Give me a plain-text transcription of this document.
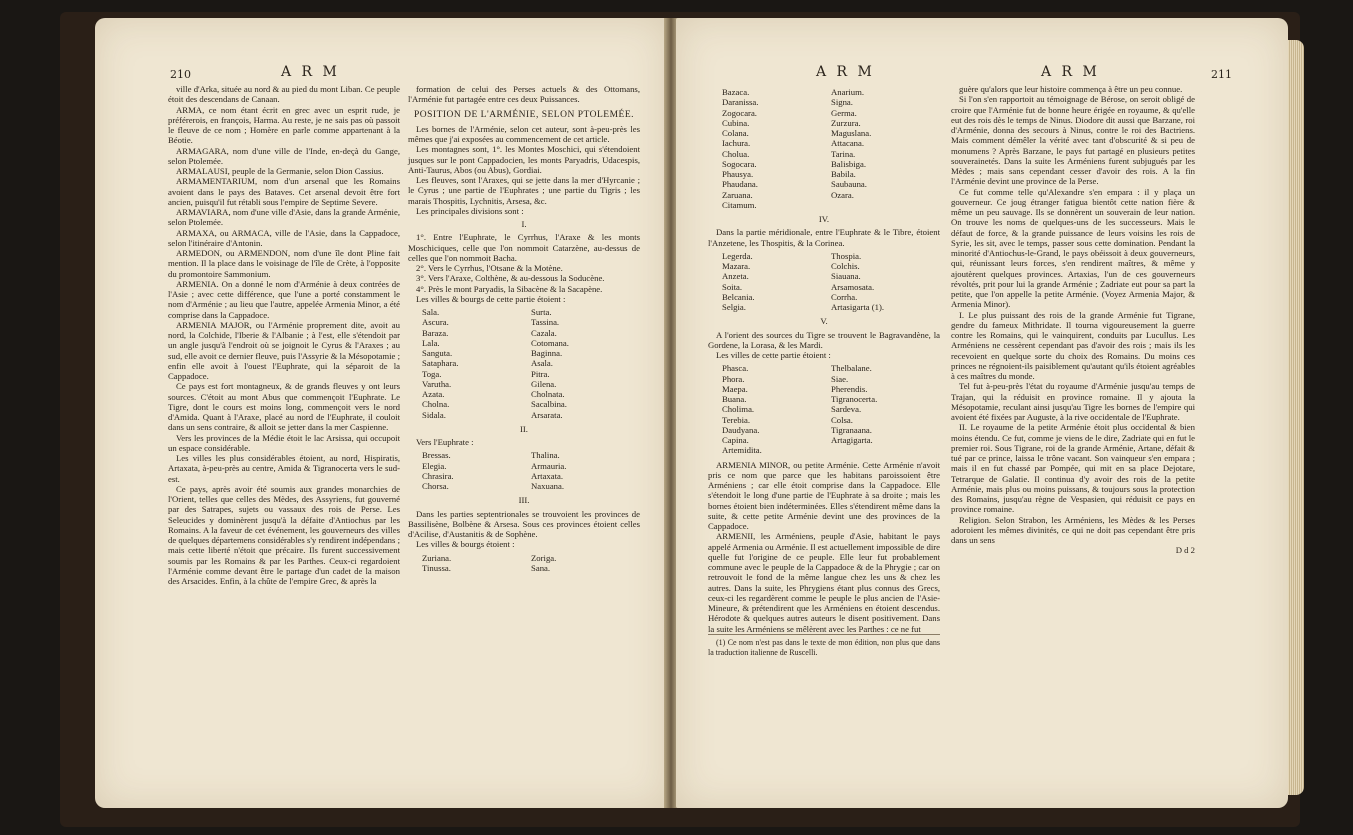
210	A R M

ville d'Arka, située au nord & au pied du mont Liban. Ce peuple étoit des descendans de Canaan.

ARMA, ce nom étant écrit en grec avec un esprit rude, je préférerois, en françois, Harma. Au reste, je ne sais pas où passoit le fleuve de ce nom ; Homère en parle comme appartenant à la Béotie.

ARMAGARA, nom d'une ville de l'Inde, en-deçà du Gange, selon Ptolemée.

ARMALAUSI, peuple de la Germanie, selon Dion Cassius.

ARMAMENTARIUM, nom d'un arsenal que les Romains avoient dans le pays des Bataves. Cet arsenal devoit être fort ancien, puisqu'il fut rétabli sous l'empire de Septime Severe.

ARMAVIARA, nom d'une ville d'Asie, dans la grande Arménie, selon Ptolemée.

ARMAXA, ou ARMACA, ville de l'Asie, dans la Cappadoce, selon l'itinéraire d'Antonin.

ARMEDON, ou ARMENDON, nom d'une île dont Pline fait mention. Il la place dans le voisinage de l'île de Crète, à l'opposite du promontoire Sammonium.

ARMENIA. On a donné le nom d'Arménie à deux contrées de l'Asie ; avec cette différence, que l'une a porté constamment le nom d'Arménie ; au lieu que l'autre, appelée Armenia Minor, a été comprise dans la Cappadoce.

ARMENIA MAJOR, ou l'Arménie proprement dite, avoit au nord, la Colchide, l'Iberie & l'Albanie ; à l'est, elle s'étendoit par un angle jusqu'à l'endroit où se joignoit le Cyrus & l'Araxes ; au sud, elle avoit ce dernier fleuve, puis l'Assyrie & la Mésopotamie ; enfin elle avoit à l'ouest l'Euphrate, qui la séparoit de la Cappadoce.

Ce pays est fort montagneux, & de grands fleuves y ont leurs sources. C'étoit au mont Abus que commençoit l'Euphrate. Le Tigre, dont le cours est moins long, commençoit vers le nord d'Amida. Quant à l'Araxe, placé au nord de l'Euphrate, il couloit dans un sens contraire, & alloit se jetter dans la mer Caspienne.

Vers les provinces de la Médie étoit le lac Arsissa, qui occupoit un espace considérable.

Les villes les plus considérables étoient, au nord, Hispiratis, Artaxata, à-peu-près au centre, Amida & Tigranocerta vers le sud-est.

Ce pays, après avoir été soumis aux grandes monarchies de l'Orient, telles que celles des Mèdes, des Assyriens, fut gouverné par des Satrapes, sujets ou vassaux des rois de Perse. Les Seleucides y dominèrent jusqu'à la défaite d'Antiochus par les Romains. A la faveur de cet événement, les gouverneurs des villes de quelques départemens considérables s'y rendirent indépendans ; mais cette liberté n'étoit que précaire. Ils furent successivement soumis par les Romains & par les Parthes. Ceux-ci regardoient l'Arménie comme devant être le partage d'un cadet de la maison des Arsacides. Enfin, à la chûte de l'empire Grec, & après la

formation de celui des Perses actuels & des Ottomans, l'Arménie fut partagée entre ces deux Puissances.

POSITION DE L'ARMÉNIE, SELON PTOLEMÉE.

Les bornes de l'Arménie, selon cet auteur, sont à-peu-près les mêmes que j'ai exposées au commencement de cet article.

Les montagnes sont, 1°. les Montes Moschici, qui s'étendoient jusques sur le pont Cappadocien, les monts Paryadris, Udacespis, Anti-Taurus, Abos (ou Abus), Gordiai.

Les fleuves, sont l'Araxes, qui se jette dans la mer d'Hyrcanie ; le Cyrus ; une partie de l'Euphrates ; une partie du Tigris ; les marais Thospitis, Lychnitis, Arsesa, &c.

Les principales divisions sont :

I.

1°. Entre l'Euphrate, le Cyrrhus, l'Araxe & les monts Moschiciques, celle que l'on nommoit Catarzène, au-dessus de celles que l'on nommoit Bacha.

2°. Vers le Cyrrhus, l'Otsane & la Motène.

3°. Vers l'Araxe, Colthène, & au-dessous la Soducène.

4°. Près le mont Paryadis, la Sibacène & la Sacapène.

Les villes & bourgs de cette partie étoient :

Sala.	Surta.
Ascura.	Tassina.
Baraza.	Cazala.
Lala.	Cotomana.
Sanguta.	Baginna.
Sataphara.	Asala.
Toga.	Pitra.
Varutha.	Gilena.
Azata.	Cholnata.
Cholna.	Sacalbina.
Sidala.	Arsarata.

II.

Vers l'Euphrate :

Bressas.	Thalina.
Elegia.	Armauria.
Chrasira.	Artaxata.
Chorsa.	Naxuana.

III.

Dans les parties septentrionales se trouvoient les provinces de Bassilisène, Bolbène & Arsesa. Sous ces provinces étoient celles d'Acilise, d'Austanitis & de Sophène.

Les villes & bourgs étoient :

Zuriana.	Zoriga.
Tinussa.	Sana.
A R M	A R M	211
Bazaca.	Anarium.
Daranissa.	Signa.
Zogocara.	Germa.
Cubina.	Zurzura.
Colana.	Maguslana.
Iachura.	Attacana.
Cholua.	Tarina.
Sogocara.	Balisbiga.
Phausya.	Babila.
Phaudana.	Saubauna.
Zaruana.	Ozara.
Citamum.

IV.

Dans la partie méridionale, entre l'Euphrate & le Tibre, étoient l'Anzetene, les Thospitis, & la Corinea.

Legerda.	Thospia.
Mazara.	Colchis.
Anzeta.	Siauana.
Soita.	Arsamosata.
Belcania.	Corrha.
Selgia.	Artasigarta (1).

V.

A l'orient des sources du Tigre se trouvent le Bagravandène, la Gordene, la Lorasa, & les Mardi.

Les villes de cette partie étoient :

Phasca.	Thelbalane.
Phora.	Siae.
Maepa.	Pherendis.
Buana.	Tigranocerta.
Cholima.	Sardeva.
Terebia.	Colsa.
Daudyana.	Tigranaana.
Capina.	Artagigarta.
Artemidita.

ARMENIA MINOR, ou petite Arménie. Cette Arménie n'avoit pris ce nom que parce que les habitans paroissoient être Arméniens ; car elle étoit comprise dans la Cappadoce. Elle s'étendoit le long d'une partie de l'Euphrate à sa droite ; mais les bornes étoient bien indéterminées. Elles s'étendirent même dans la suite, & cette petite Arménie devint une des provinces de la Cappadoce.

ARMENII, les Arméniens, peuple d'Asie, habitant le pays appelé Armenia ou Arménie. Il est actuellement impossible de dire quelle fut l'origine de ce peuple. Elle leur fut probablement commune avec le peuple de la Cappadoce & de la Phrygie ; car on retrouvoit le fond de la même langue chez les uns & chez les autres. Dans la suite, les Phrygiens étant plus connus des Grecs, ceux-ci les regardèrent comme le peuple le plus ancien de l'Asie-Mineure, & prétendirent que les Arméniens en étoient descendus. Hérodote & quelques autres auteurs le disent positivement. Dans la suite les Arméniens se mêlèrent avec les Parthes : ce ne fut

(1) Ce nom n'est pas dans le texte de mon édition, non plus que dans la traduction italienne de Ruscelli.

guère qu'alors que leur histoire commença à être un peu connue.

Si l'on s'en rapportoit au témoignage de Bérose, on seroit obligé de croire que l'Arménie fut de bonne heure érigée en royaume, & qu'elle eut des rois dès le temps de Ninus. Diodore dit aussi que Barzane, roi d'Arménie, donna des secours à Ninus, contre le roi des Bactriens. Mais comment démêler la vérité avec tant d'obscurité & si peu de monumens ? Après Barzane, le pays fut partagé en plusieurs petites souverainetés. Dans la suite les Arméniens furent subjugués par les Mèdes ; mais sans cependant cesser d'avoir des rois. A la fin l'Arménie devint une province de la Perse.

Ce fut comme telle qu'Alexandre s'en empara : il y plaça un gouverneur. Ce joug étranger fatigua bientôt cette nation fière & même un peu sauvage. Ils se donnèrent un souverain de leur nation. On trouve les noms de quelques-uns de les successeurs. Mais le défaut de force, & la grande puissance de leurs voisins les rois de Syrie, les sit, avec le temps, passer sous cette domination. Pendant la minorité d'Antiochus-le-Grand, le pays obéissoit à deux gouverneurs, qui, réunissant leurs forces, s'en rendirent maîtres, & même y ajoutèrent quelques provinces. Artaxias, l'un de ces gouverneurs révoltés, prit pour lui la grande Arménie ; Zadriate eut pour sa part la petite, que l'on appelle la petite Arménie. (Voyez Armenia Major, & Armenia Minor).

I. Le plus puissant des rois de la grande Arménie fut Tigrane, gendre du fameux Mithridate. Il tourna vigoureusement la guerre contre les Romains, qui le vainquirent, conduits par Lucullus. Les Arméniens ne cessèrent cependant pas d'avoir des rois ; mais ils les recevoient en quelque sorte du choix des Romains. Du moins ces princes ne régnoient-ils paisiblement qu'autant qu'ils étoient agréables à ces maîtres du monde.

Tel fut à-peu-près l'état du royaume d'Arménie jusqu'au temps de Trajan, qui la réduisit en province romaine. Il y ajouta la Mésopotamie, reculant ainsi jusqu'au Tigre les bornes de l'empire qui avoient été fixées par Auguste, à la rive occidentale de l'Euphrate.

II. Le royaume de la petite Arménie étoit plus occidental & bien moins étendu. Ce fut, comme je viens de le dire, Zadriate qui en fut le premier roi. Sous Tigrane, roi de la grande Arménie, Artane, défait & tué par ce prince, laissa le trône vacant. Son vainqueur s'en empara ; mais il en fut chassé par Pompée, qui mit en sa place Dejotare, Tetrarque de Galatie. Il continua d'y avoir des rois de la petite Arménie, mais plus ou moins puissans, & toujours sous la protection des Romains, jusqu'au règne de Vespasien, qui réduisit ce pays en province romaine.

Religion. Selon Strabon, les Arméniens, les Mèdes & les Perses adoroient les mêmes divinités, ce qui ne doit pas cependant être pris dans un sens

D d 2
